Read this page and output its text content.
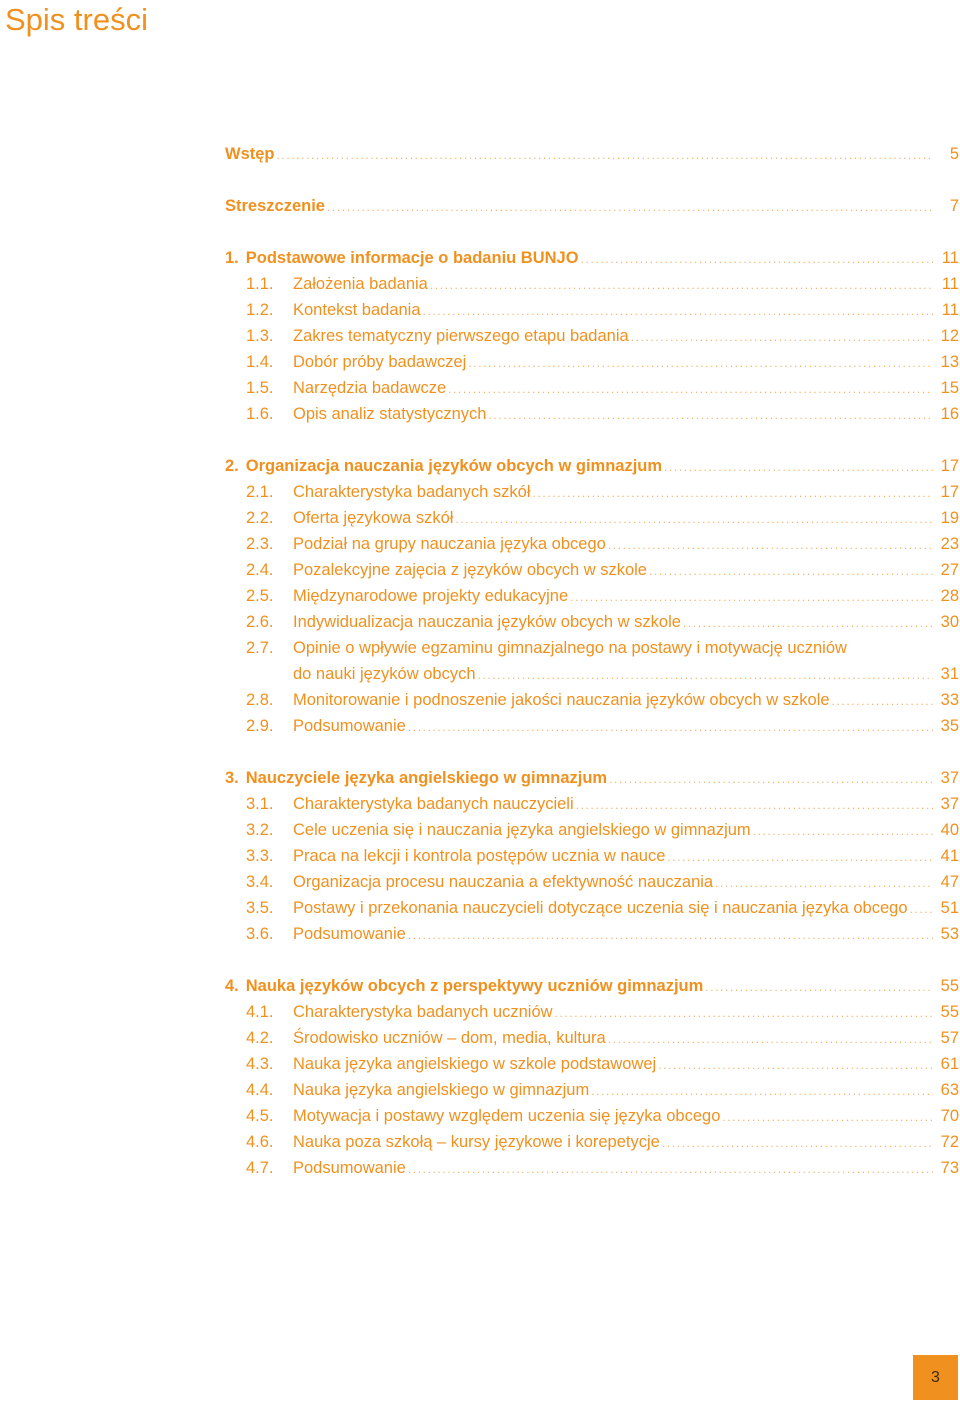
Spis treści
Wstęp .....	5
Streszczenie .....	7
1. Podstawowe informacje o badaniu BUNJO .....	11
1.1.	Założenia badania .....	11
1.2.	Kontekst badania .....	11
1.3.	Zakres tematyczny pierwszego etapu badania .....	12
1.4.	Dobór próby badawczej .....	13
1.5.	Narzędzia badawcze .....	15
1.6.	Opis analiz statystycznych .....	16
2. Organizacja nauczania języków obcych w gimnazjum .....	17
2.1.	Charakterystyka badanych szkół .....	17
2.2.	Oferta językowa szkół .....	19
2.3.	Podział na grupy nauczania języka obcego .....	23
2.4.	Pozalekcyjne zajęcia z języków obcych w szkole .....	27
2.5.	Międzynarodowe projekty edukacyjne .....	28
2.6.	Indywidualizacja nauczania języków obcych w szkole .....	30
2.7.	Opinie o wpływie egzaminu gimnazjalnego na postawy i motywację uczniów
do nauki języków obcych .....	31
2.8.	Monitorowanie i podnoszenie jakości nauczania języków obcych w szkole .....	33
2.9.	Podsumowanie .....	35
3. Nauczyciele języka angielskiego w gimnazjum .....	37
3.1.	Charakterystyka badanych nauczycieli .....	37
3.2.	Cele uczenia się i nauczania języka angielskiego w gimnazjum .....	40
3.3.	Praca na lekcji i kontrola postępów ucznia w nauce .....	41
3.4.	Organizacja procesu nauczania a efektywność nauczania .....	47
3.5.	Postawy i przekonania nauczycieli dotyczące uczenia się i nauczania języka obcego ..... 51
3.6.	Podsumowanie .....	53
4. Nauka języków obcych z perspektywy uczniów gimnazjum .....	55
4.1.	Charakterystyka badanych uczniów .....	55
4.2.	Środowisko uczniów – dom, media, kultura .....	57
4.3.	Nauka języka angielskiego w szkole podstawowej .....	61
4.4.	Nauka języka angielskiego w gimnazjum .....	63
4.5.	Motywacja i postawy względem uczenia się języka obcego .....	70
4.6.	Nauka poza szkołą – kursy językowe i korepetycje .....	72
4.7.	Podsumowanie .....	73
3
